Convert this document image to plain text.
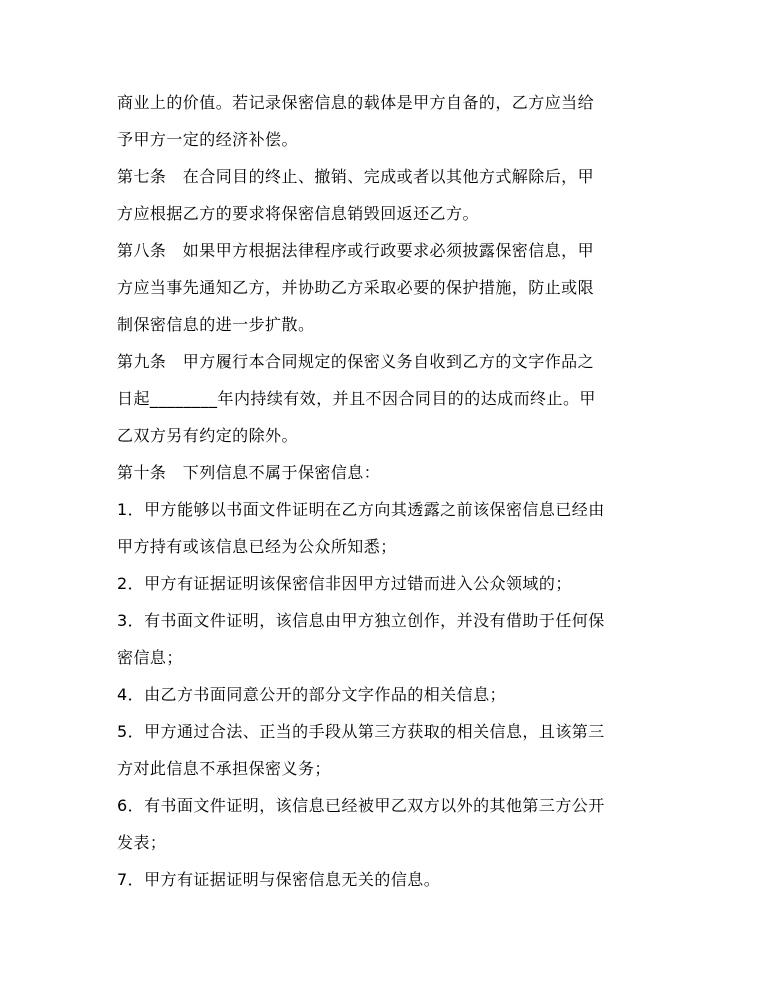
商业上的价值。若记录保密信息的载体是甲方自备的，乙方应当给
予甲方一定的经济补偿。
第七条　在合同目的终止、撤销、完成或者以其他方式解除后，甲
方应根据乙方的要求将保密信息销毁回返还乙方。
第八条　如果甲方根据法律程序或行政要求必须披露保密信息，甲
方应当事先通知乙方，并协助乙方采取必要的保护措施，防止或限
制保密信息的进一步扩散。
第九条　甲方履行本合同规定的保密义务自收到乙方的文字作品之
日起________年内持续有效，并且不因合同目的的达成而终止。甲
乙双方另有约定的除外。
第十条　下列信息不属于保密信息：
1．甲方能够以书面文件证明在乙方向其透露之前该保密信息已经由
甲方持有或该信息已经为公众所知悉；
2．甲方有证据证明该保密信非因甲方过错而进入公众领域的；
3．有书面文件证明，该信息由甲方独立创作，并没有借助于任何保
密信息；
4．由乙方书面同意公开的部分文字作品的相关信息；
5．甲方通过合法、正当的手段从第三方获取的相关信息，且该第三
方对此信息不承担保密义务；
6．有书面文件证明，该信息已经被甲乙双方以外的其他第三方公开
发表；
7．甲方有证据证明与保密信息无关的信息。
